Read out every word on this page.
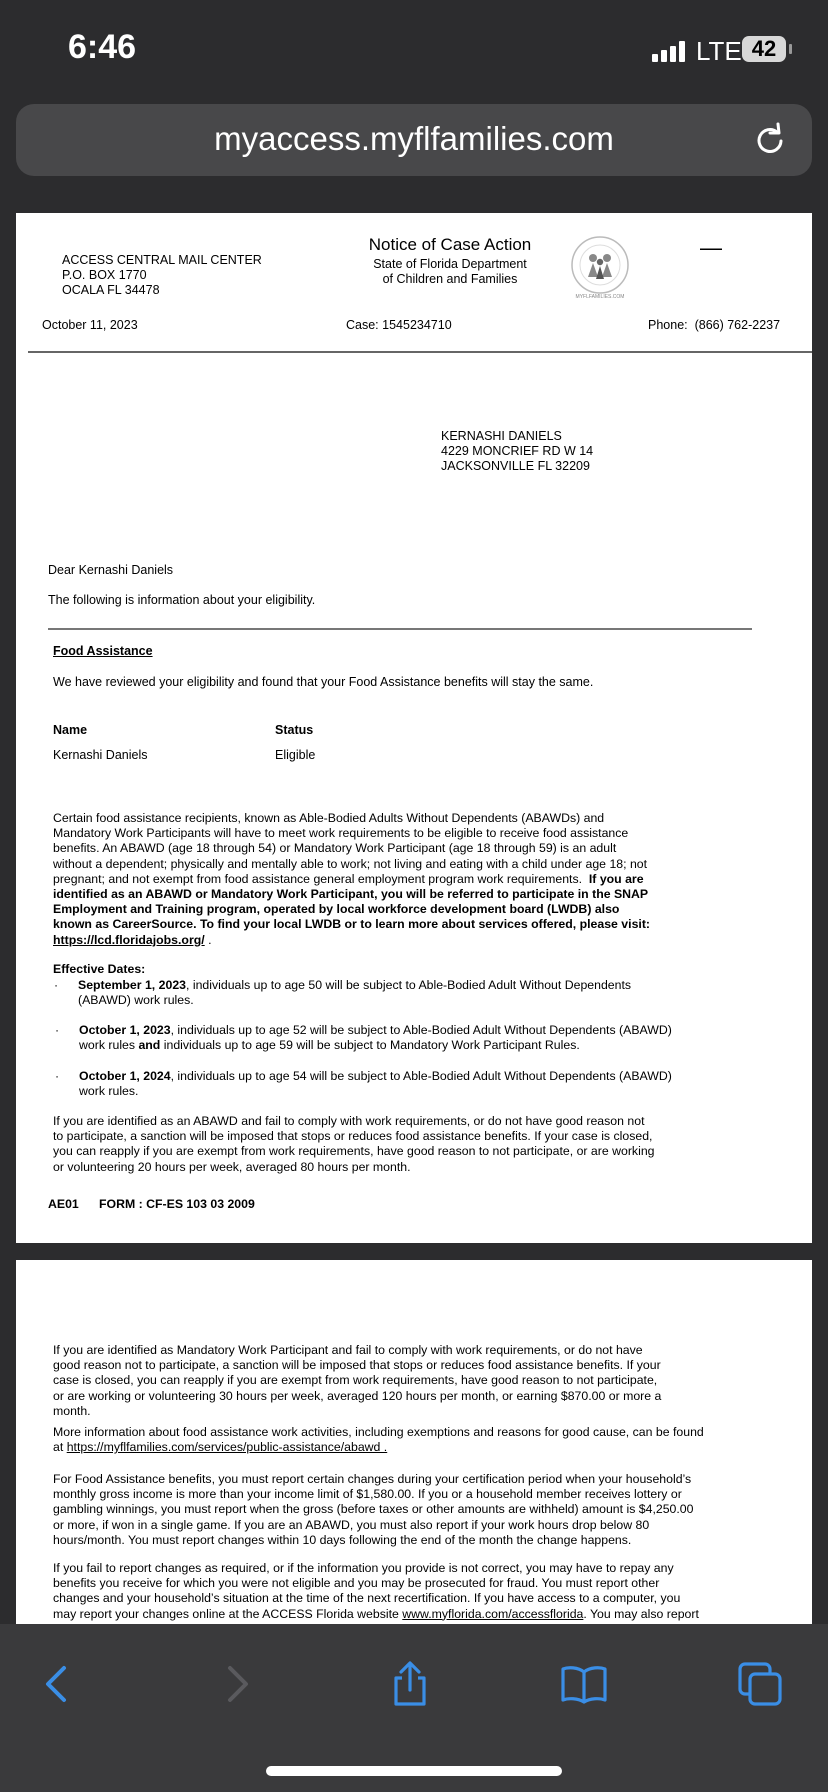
6:46	LTE 42
myaccess.myflfamilies.com
ACCESS CENTRAL MAIL CENTER
P.O. BOX 1770
OCALA FL 34478
Notice of Case Action
State of Florida Department
of Children and Families
MYFLFAMILIES.COM
—
October 11, 2023	Case: 1545234710	Phone: (866) 762-2237
KERNASHI DANIELS
4229 MONCRIEF RD W 14
JACKSONVILLE FL 32209
Dear Kernashi Daniels
The following is information about your eligibility.
Food Assistance
We have reviewed your eligibility and found that your Food Assistance benefits will stay the same.
Name	Status
Kernashi Daniels	Eligible
Certain food assistance recipients, known as Able-Bodied Adults Without Dependents (ABAWDs) and
Mandatory Work Participants will have to meet work requirements to be eligible to receive food assistance
benefits. An ABAWD (age 18 through 54) or Mandatory Work Participant (age 18 through 59) is an adult
without a dependent; physically and mentally able to work; not living and eating with a child under age 18; not
pregnant; and not exempt from food assistance general employment program work requirements. If you are
identified as an ABAWD or Mandatory Work Participant, you will be referred to participate in the SNAP
Employment and Training program, operated by local workforce development board (LWDB) also
known as CareerSource. To find your local LWDB or to learn more about services offered, please visit:
https://lcd.floridajobs.org/ .
Effective Dates:
· September 1, 2023, individuals up to age 50 will be subject to Able-Bodied Adult Without Dependents
(ABAWD) work rules.
· October 1, 2023, individuals up to age 52 will be subject to Able-Bodied Adult Without Dependents (ABAWD)
work rules and individuals up to age 59 will be subject to Mandatory Work Participant Rules.
· October 1, 2024, individuals up to age 54 will be subject to Able-Bodied Adult Without Dependents (ABAWD)
work rules.
If you are identified as an ABAWD and fail to comply with work requirements, or do not have good reason not
to participate, a sanction will be imposed that stops or reduces food assistance benefits. If your case is closed,
you can reapply if you are exempt from work requirements, have good reason to not participate, or are working
or volunteering 20 hours per week, averaged 80 hours per month.
AE01 FORM : CF-ES 103 03 2009
If you are identified as Mandatory Work Participant and fail to comply with work requirements, or do not have
good reason not to participate, a sanction will be imposed that stops or reduces food assistance benefits. If your
case is closed, you can reapply if you are exempt from work requirements, have good reason to not participate,
or are working or volunteering 30 hours per week, averaged 120 hours per month, or earning $870.00 or more a
month.
More information about food assistance work activities, including exemptions and reasons for good cause, can be found
at https://myflfamilies.com/services/public-assistance/abawd .
For Food Assistance benefits, you must report certain changes during your certification period when your household’s
monthly gross income is more than your income limit of $1,580.00. If you or a household member receives lottery or
gambling winnings, you must report when the gross (before taxes or other amounts are withheld) amount is $4,250.00
or more, if won in a single game. If you are an ABAWD, you must also report if your work hours drop below 80
hours/month. You must report changes within 10 days following the end of the month the change happens.
If you fail to report changes as required, or if the information you provide is not correct, you may have to repay any
benefits you receive for which you were not eligible and you may be prosecuted for fraud. You must report other
changes and your household’s situation at the time of the next recertification. If you have access to a computer, you
may report your changes online at the ACCESS Florida website www.myflorida.com/accessflorida. You may also report
